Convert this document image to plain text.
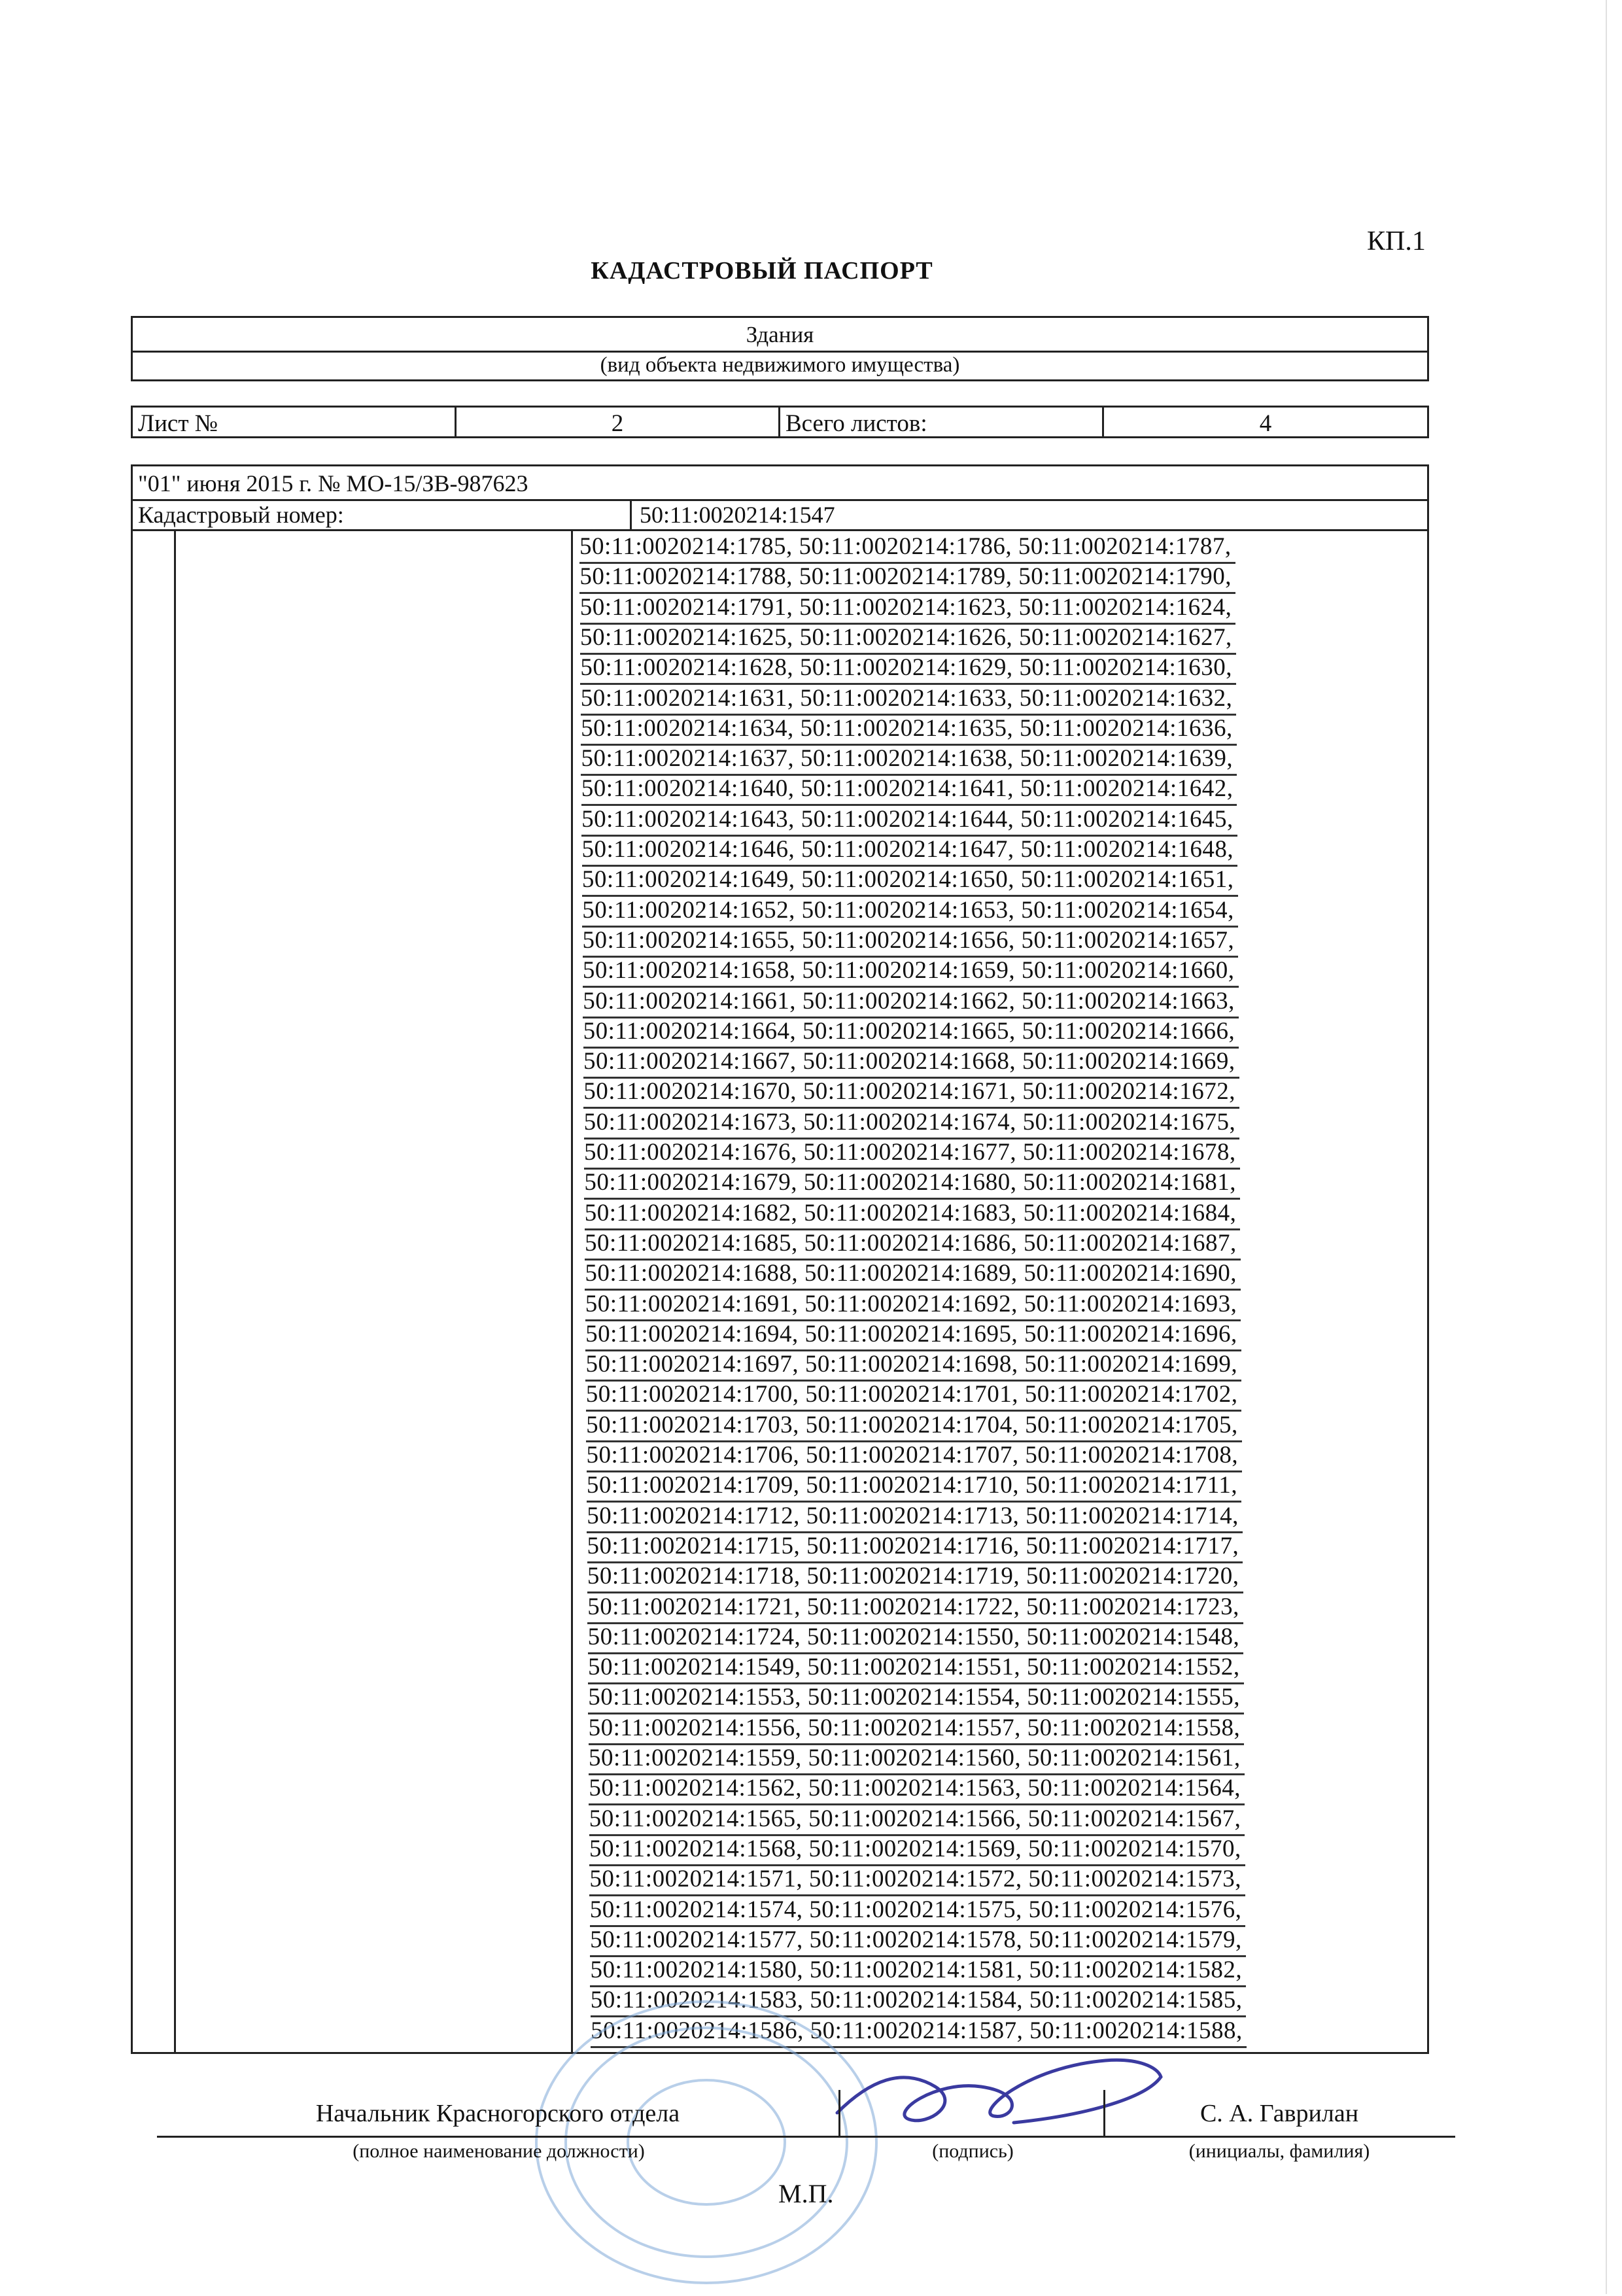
КП.1
КАДАСТРОВЫЙ ПАСПОРТ
Здания
(вид объекта недвижимого имущества)
Лист №	2	Всего листов:	4
"01" июня 2015 г. № МО-15/ЗВ-987623
Кадастровый номер:	50:11:0020214:1547
50:11:0020214:1785, 50:11:0020214:1786, 50:11:0020214:1787,
50:11:0020214:1788, 50:11:0020214:1789, 50:11:0020214:1790,
50:11:0020214:1791, 50:11:0020214:1623, 50:11:0020214:1624,
50:11:0020214:1625, 50:11:0020214:1626, 50:11:0020214:1627,
50:11:0020214:1628, 50:11:0020214:1629, 50:11:0020214:1630,
50:11:0020214:1631, 50:11:0020214:1633, 50:11:0020214:1632,
50:11:0020214:1634, 50:11:0020214:1635, 50:11:0020214:1636,
50:11:0020214:1637, 50:11:0020214:1638, 50:11:0020214:1639,
50:11:0020214:1640, 50:11:0020214:1641, 50:11:0020214:1642,
50:11:0020214:1643, 50:11:0020214:1644, 50:11:0020214:1645,
50:11:0020214:1646, 50:11:0020214:1647, 50:11:0020214:1648,
50:11:0020214:1649, 50:11:0020214:1650, 50:11:0020214:1651,
50:11:0020214:1652, 50:11:0020214:1653, 50:11:0020214:1654,
50:11:0020214:1655, 50:11:0020214:1656, 50:11:0020214:1657,
50:11:0020214:1658, 50:11:0020214:1659, 50:11:0020214:1660,
50:11:0020214:1661, 50:11:0020214:1662, 50:11:0020214:1663,
50:11:0020214:1664, 50:11:0020214:1665, 50:11:0020214:1666,
50:11:0020214:1667, 50:11:0020214:1668, 50:11:0020214:1669,
50:11:0020214:1670, 50:11:0020214:1671, 50:11:0020214:1672,
50:11:0020214:1673, 50:11:0020214:1674, 50:11:0020214:1675,
50:11:0020214:1676, 50:11:0020214:1677, 50:11:0020214:1678,
50:11:0020214:1679, 50:11:0020214:1680, 50:11:0020214:1681,
50:11:0020214:1682, 50:11:0020214:1683, 50:11:0020214:1684,
50:11:0020214:1685, 50:11:0020214:1686, 50:11:0020214:1687,
50:11:0020214:1688, 50:11:0020214:1689, 50:11:0020214:1690,
50:11:0020214:1691, 50:11:0020214:1692, 50:11:0020214:1693,
50:11:0020214:1694, 50:11:0020214:1695, 50:11:0020214:1696,
50:11:0020214:1697, 50:11:0020214:1698, 50:11:0020214:1699,
50:11:0020214:1700, 50:11:0020214:1701, 50:11:0020214:1702,
50:11:0020214:1703, 50:11:0020214:1704, 50:11:0020214:1705,
50:11:0020214:1706, 50:11:0020214:1707, 50:11:0020214:1708,
50:11:0020214:1709, 50:11:0020214:1710, 50:11:0020214:1711,
50:11:0020214:1712, 50:11:0020214:1713, 50:11:0020214:1714,
50:11:0020214:1715, 50:11:0020214:1716, 50:11:0020214:1717,
50:11:0020214:1718, 50:11:0020214:1719, 50:11:0020214:1720,
50:11:0020214:1721, 50:11:0020214:1722, 50:11:0020214:1723,
50:11:0020214:1724, 50:11:0020214:1550, 50:11:0020214:1548,
50:11:0020214:1549, 50:11:0020214:1551, 50:11:0020214:1552,
50:11:0020214:1553, 50:11:0020214:1554, 50:11:0020214:1555,
50:11:0020214:1556, 50:11:0020214:1557, 50:11:0020214:1558,
50:11:0020214:1559, 50:11:0020214:1560, 50:11:0020214:1561,
50:11:0020214:1562, 50:11:0020214:1563, 50:11:0020214:1564,
50:11:0020214:1565, 50:11:0020214:1566, 50:11:0020214:1567,
50:11:0020214:1568, 50:11:0020214:1569, 50:11:0020214:1570,
50:11:0020214:1571, 50:11:0020214:1572, 50:11:0020214:1573,
50:11:0020214:1574, 50:11:0020214:1575, 50:11:0020214:1576,
50:11:0020214:1577, 50:11:0020214:1578, 50:11:0020214:1579,
50:11:0020214:1580, 50:11:0020214:1581, 50:11:0020214:1582,
50:11:0020214:1583, 50:11:0020214:1584, 50:11:0020214:1585,
50:11:0020214:1586, 50:11:0020214:1587, 50:11:0020214:1588,
Начальник Красногорского отдела	С. А. Гаврилан
(полное наименование должности)	(подпись)	(инициалы, фамилия)
М.П.
